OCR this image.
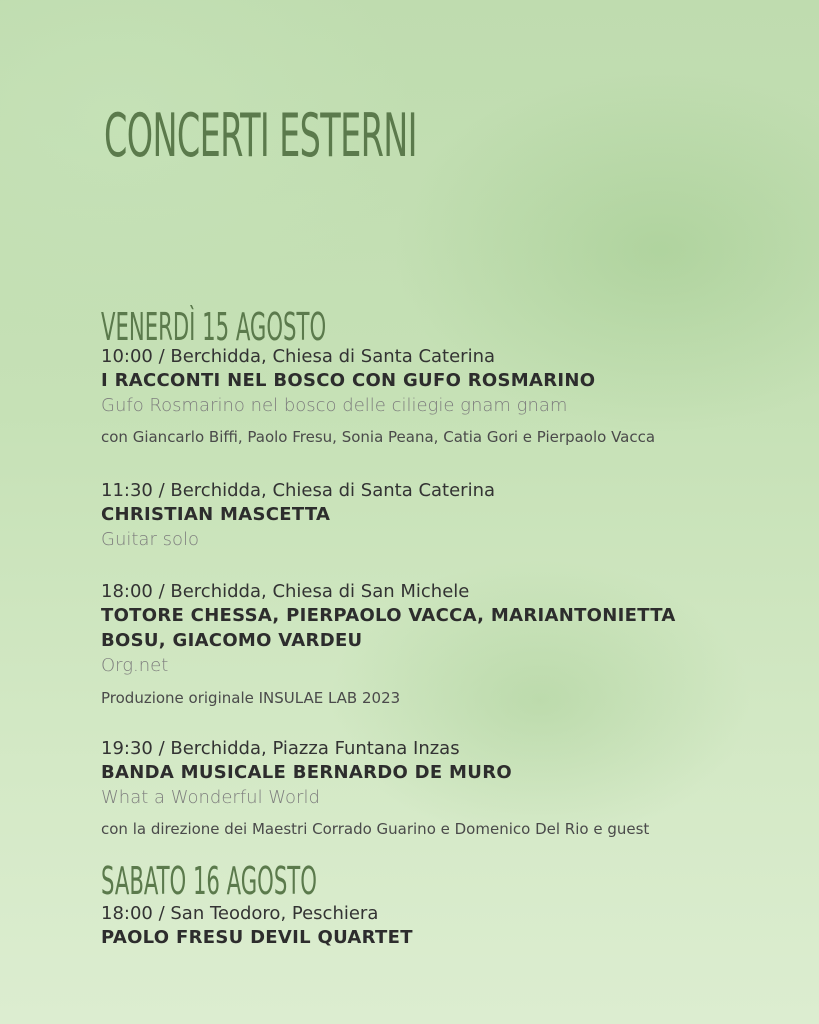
CONCERTI ESTERNI
VENERDÌ 15 AGOSTO
10:00 / Berchidda, Chiesa di Santa Caterina
I RACCONTI NEL BOSCO CON GUFO ROSMARINO
Gufo Rosmarino nel bosco delle ciliegie gnam gnam
con Giancarlo Biffi, Paolo Fresu, Sonia Peana, Catia Gori e Pierpaolo Vacca
11:30 / Berchidda, Chiesa di Santa Caterina
CHRISTIAN MASCETTA
Guitar solo
18:00 / Berchidda, Chiesa di San Michele
TOTORE CHESSA, PIERPAOLO VACCA, MARIANTONIETTA BOSU, GIACOMO VARDEU
Org.net
Produzione originale INSULAE LAB 2023
19:30 / Berchidda, Piazza Funtana Inzas
BANDA MUSICALE BERNARDO DE MURO
What a Wonderful World
con la direzione dei Maestri Corrado Guarino e Domenico Del Rio e guest
SABATO 16 AGOSTO
18:00 / San Teodoro, Peschiera
PAOLO FRESU DEVIL QUARTET
